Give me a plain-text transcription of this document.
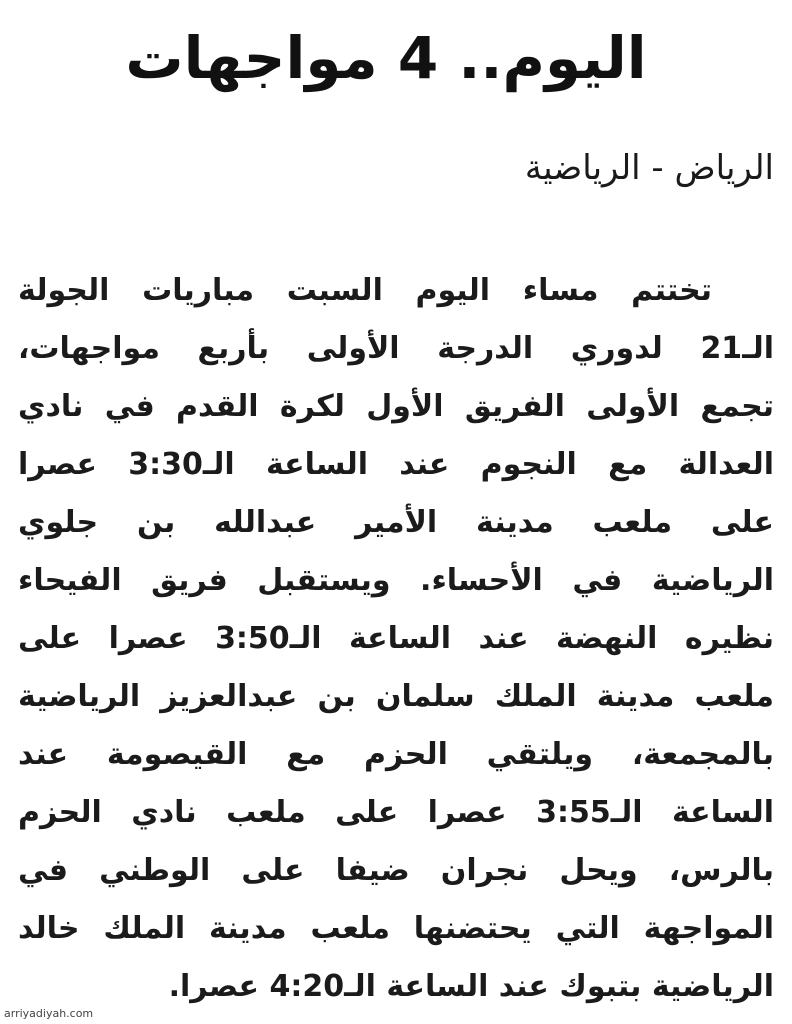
اليوم.. 4 مواجهات

الرياض - الرياضية

تختتم مساء اليوم السبت مباريات الجولة
الـ21 لدوري الدرجة الأولى بأربع مواجهات،
تجمع الأولى الفريق الأول لكرة القدم في نادي
العدالة مع النجوم عند الساعة الـ3:30 عصرا
على ملعب مدينة الأمير عبدالله بن جلوي
الرياضية في الأحساء. ويستقبل فريق الفيحاء
نظيره النهضة عند الساعة الـ3:50 عصرا على
ملعب مدينة الملك سلمان بن عبدالعزيز الرياضية
بالمجمعة، ويلتقي الحزم مع القيصومة عند
الساعة الـ3:55 عصرا على ملعب نادي الحزم
بالرس، ويحل نجران ضيفا على الوطني في
المواجهة التي يحتضنها ملعب مدينة الملك خالد
الرياضية بتبوك عند الساعة الـ4:20 عصرا.
arriyadiyah.com
